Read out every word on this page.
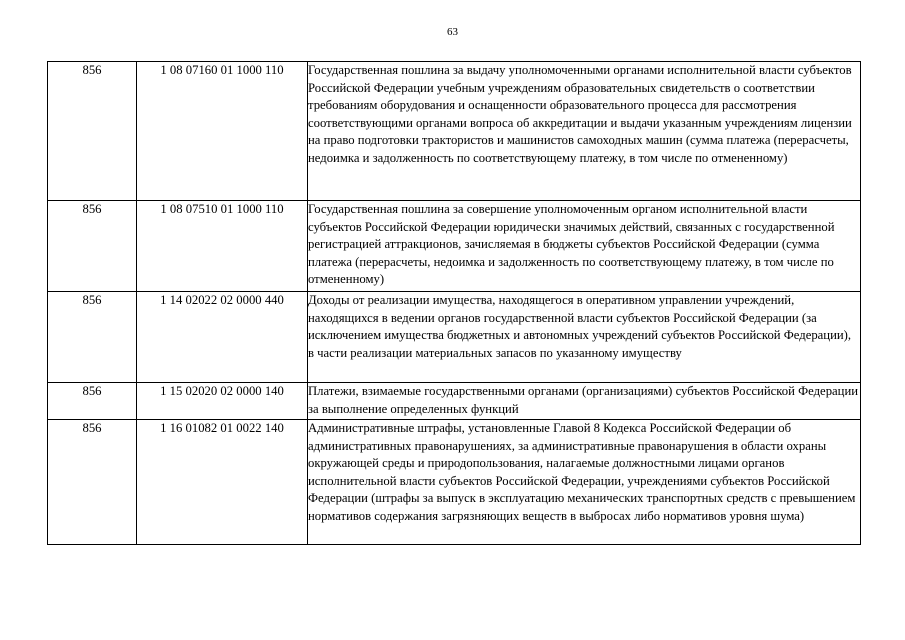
63
856	1 08 07160 01 1000 110	Государственная пошлина за выдачу уполномоченными органами исполнительной власти субъектов Российской Федерации учебным учреждениям образовательных свидетельств о соответствии требованиям оборудования и оснащенности образовательного процесса для рассмотрения соответствующими органами вопроса об аккредитации и выдачи указанным учреждениям лицензии на право подготовки трактористов и машинистов самоходных машин (сумма платежа (перерасчеты, недоимка и задолженность по соответствующему платежу, в том числе по отмененному)
856	1 08 07510 01 1000 110	Государственная пошлина за совершение уполномоченным органом исполнительной власти субъектов Российской Федерации юридически значимых действий, связанных с государственной регистрацией аттракционов, зачисляемая в бюджеты субъектов Российской Федерации (сумма платежа (перерасчеты, недоимка и задолженность по соответствующему платежу, в том числе по отмененному)
856	1 14 02022 02 0000 440	Доходы от реализации имущества, находящегося в оперативном управлении учреждений, находящихся в ведении органов государственной власти субъектов Российской Федерации (за исключением имущества бюджетных и автономных учреждений субъектов Российской Федерации), в части реализации материальных запасов по указанному имуществу
856	1 15 02020 02 0000 140	Платежи, взимаемые государственными органами (организациями) субъектов Российской Федерации за выполнение определенных функций
856	1 16 01082 01 0022 140	Административные штрафы, установленные Главой 8 Кодекса Российской Федерации об административных правонарушениях, за административные правонарушения в области охраны окружающей среды и природопользования, налагаемые должностными лицами органов исполнительной власти субъектов Российской Федерации, учреждениями субъектов Российской Федерации (штрафы за выпуск в эксплуатацию механических транспортных средств с превышением нормативов содержания загрязняющих веществ в выбросах либо нормативов уровня шума)
